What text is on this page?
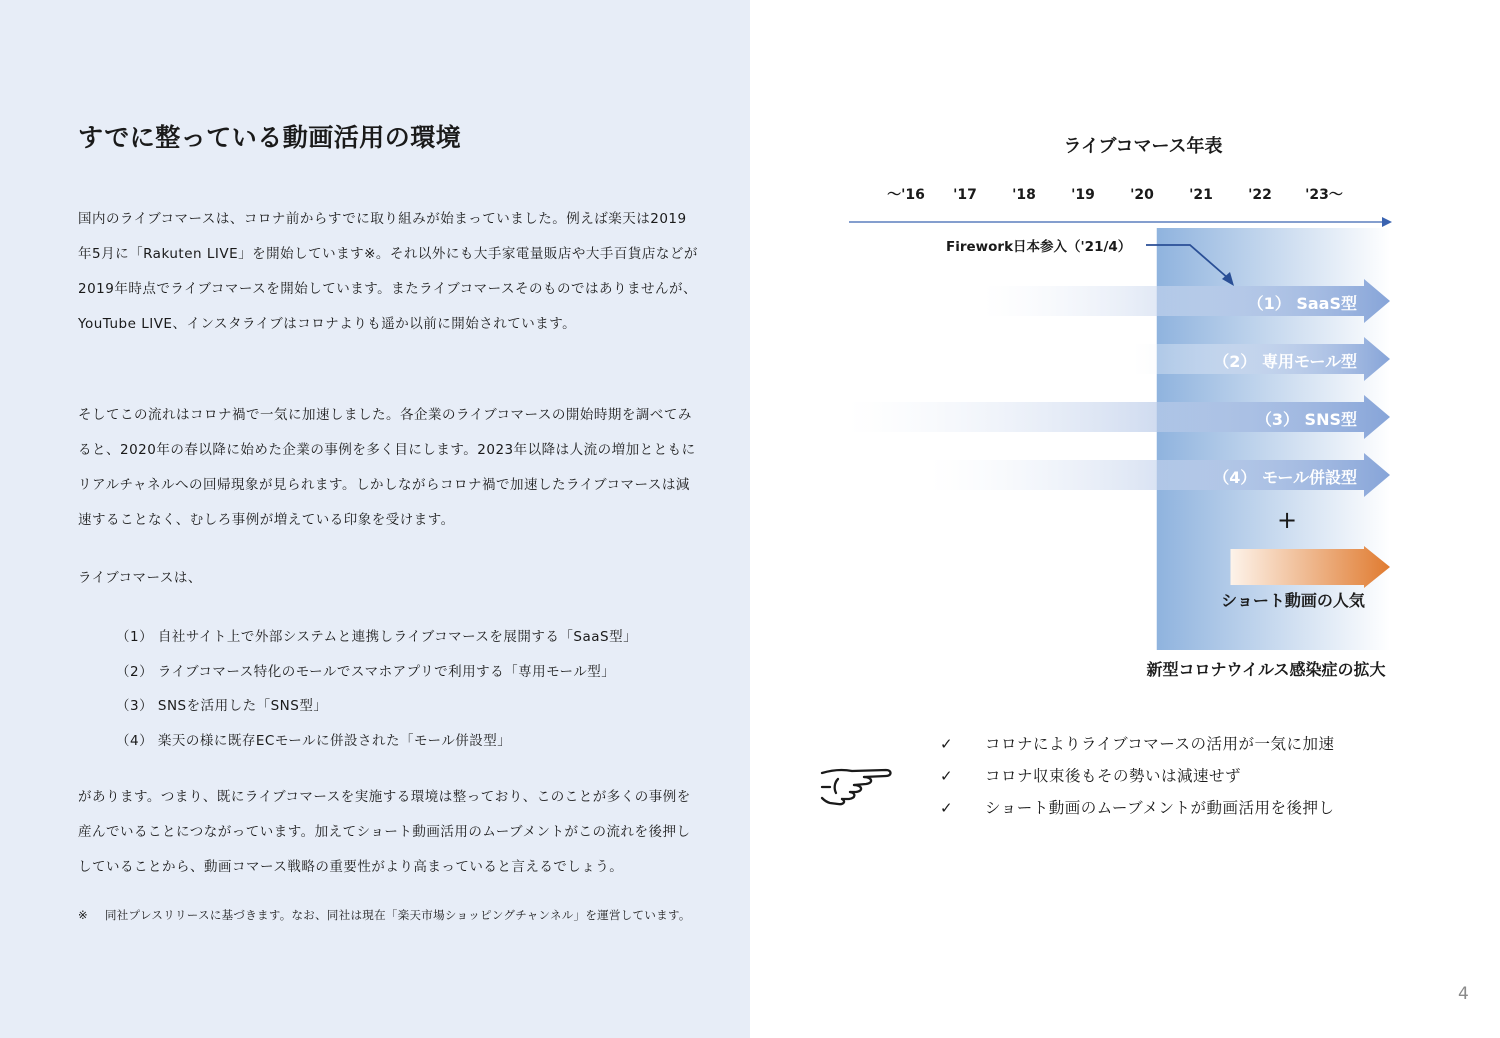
すでに整っている動画活用の環境

国内のライブコマースは、コロナ前からすでに取り組みが始まっていました。例えば楽天は2019年5月に「Rakuten LIVE」を開始しています※。それ以外にも大手家電量販店や大手百貨店などが2019年時点でライブコマースを開始しています。またライブコマースそのものではありませんが、YouTube LIVE、インスタライブはコロナよりも遥か以前に開始されています。

そしてこの流れはコロナ禍で一気に加速しました。各企業のライブコマースの開始時期を調べてみると、2020年の春以降に始めた企業の事例を多く目にします。2023年以降は人流の増加とともにリアルチャネルへの回帰現象が見られます。しかしながらコロナ禍で加速したライブコマースは減速することなく、むしろ事例が増えている印象を受けます。

ライブコマースは、

（1） 自社サイト上で外部システムと連携しライブコマースを展開する「SaaS型」
（2） ライブコマース特化のモールでスマホアプリで利用する「専用モール型」
（3） SNSを活用した「SNS型」
（4） 楽天の様に既存ECモールに併設された「モール併設型」

があります。つまり、既にライブコマースを実施する環境は整っており、このことが多くの事例を産んでいることにつながっています。加えてショート動画活用のムーブメントがこの流れを後押ししていることから、動画コマース戦略の重要性がより高まっていると言えるでしょう。

※	同社プレスリリースに基づきます。なお、同社は現在「楽天市場ショッピングチャンネル」を運営しています。
ライブコマース年表
～'16 '17	'18	'19	'20	'21	'22 '23～
（1） SaaS型
（2） 専用モール型
（3） SNS型
（4） モール併設型
Firework日本参入（'21/4）
+
ショート動画の人気
新型コロナウイルス感染症の拡大
✓	コロナによりライブコマースの活用が一気に加速
✓	コロナ収束後もその勢いは減速せず
✓	ショート動画のムーブメントが動画活用を後押し
4
